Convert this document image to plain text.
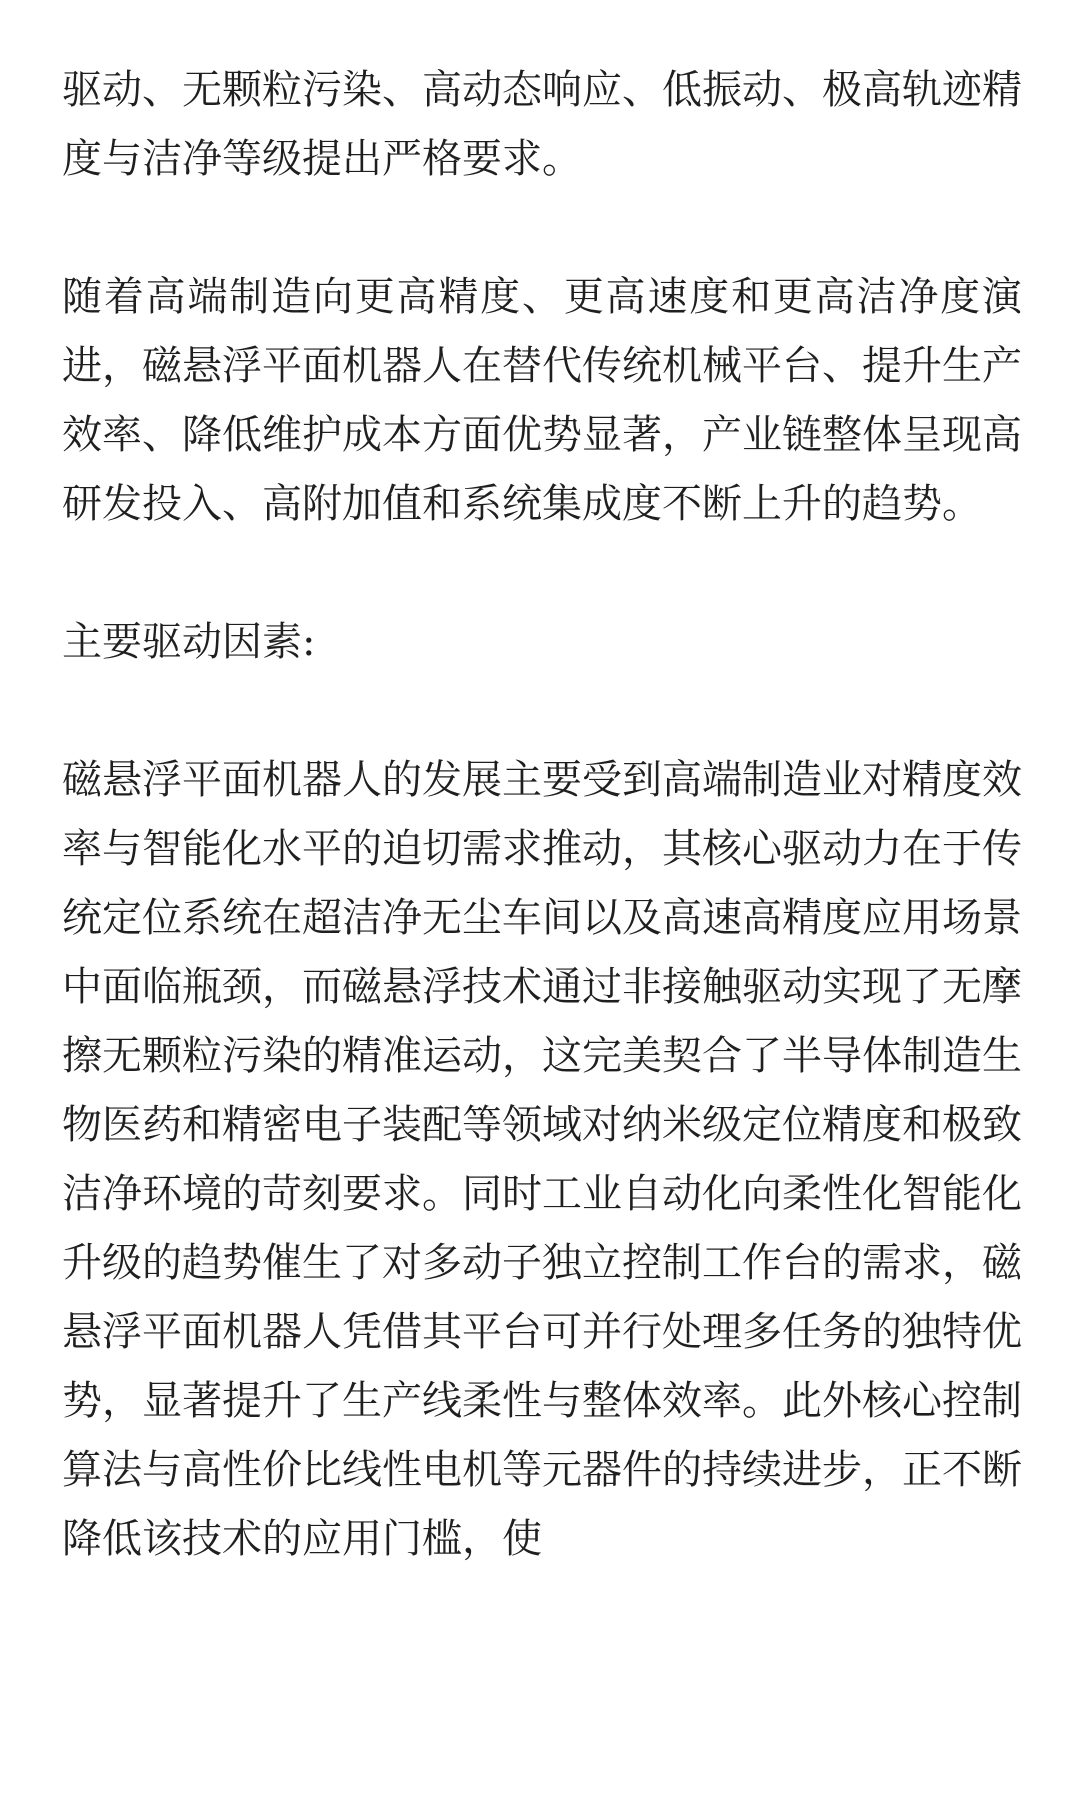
驱动、无颗粒污染、高动态响应、低振动、极高轨迹精度与洁净等级提出严格要求。

随着高端制造向更高精度、更高速度和更高洁净度演进，磁悬浮平面机器人在替代传统机械平台、提升生产效率、降低维护成本方面优势显著，产业链整体呈现高研发投入、高附加值和系统集成度不断上升的趋势。

主要驱动因素:

磁悬浮平面机器人的发展主要受到高端制造业对精度效率与智能化水平的迫切需求推动，其核心驱动力在于传统定位系统在超洁净无尘车间以及高速高精度应用场景中面临瓶颈，而磁悬浮技术通过非接触驱动实现了无摩擦无颗粒污染的精准运动，这完美契合了半导体制造生物医药和精密电子装配等领域对纳米级定位精度和极致洁净环境的苛刻要求。同时工业自动化向柔性化智能化升级的趋势催生了对多动子独立控制工作台的需求，磁悬浮平面机器人凭借其平台可并行处理多任务的独特优势，显著提升了生产线柔性与整体效率。此外核心控制算法与高性价比线性电机等元器件的持续进步，正不断降低该技术的应用门槛，使
